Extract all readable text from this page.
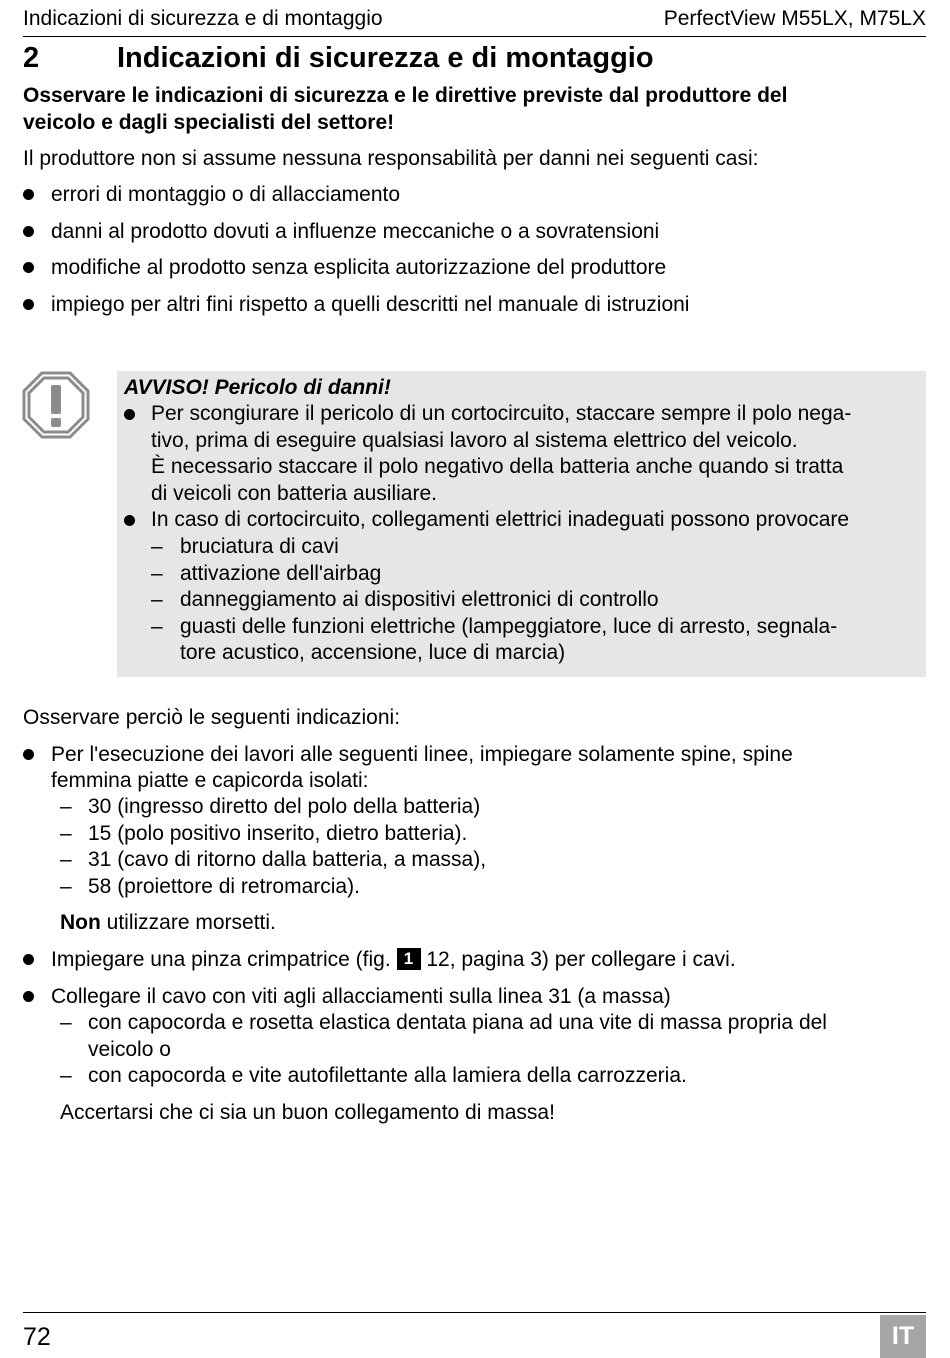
Indicazioni di sicurezza e di montaggio	PerfectView M55LX, M75LX
2	Indicazioni di sicurezza e di montaggio
Osservare le indicazioni di sicurezza e le direttive previste dal produttore del
veicolo e dagli specialisti del settore!
Il produttore non si assume nessuna responsabilità per danni nei seguenti casi:
errori di montaggio o di allacciamento
danni al prodotto dovuti a influenze meccaniche o a sovratensioni
modifiche al prodotto senza esplicita autorizzazione del produttore
impiego per altri fini rispetto a quelli descritti nel manuale di istruzioni
AVVISO! Pericolo di danni!
Per scongiurare il pericolo di un cortocircuito, staccare sempre il polo nega-
tivo, prima di eseguire qualsiasi lavoro al sistema elettrico del veicolo.
È necessario staccare il polo negativo della batteria anche quando si tratta
di veicoli con batteria ausiliare.
In caso di cortocircuito, collegamenti elettrici inadeguati possono provocare
– bruciatura di cavi
– attivazione dell'airbag
– danneggiamento ai dispositivi elettronici di controllo
– guasti delle funzioni elettriche (lampeggiatore, luce di arresto, segnala-
tore acustico, accensione, luce di marcia)
Osservare perciò le seguenti indicazioni:
Per l'esecuzione dei lavori alle seguenti linee, impiegare solamente spine, spine
femmina piatte e capicorda isolati:
– 30 (ingresso diretto del polo della batteria)
– 15 (polo positivo inserito, dietro batteria).
– 31 (cavo di ritorno dalla batteria, a massa),
– 58 (proiettore di retromarcia).
Non utilizzare morsetti.
Impiegare una pinza crimpatrice (fig. 1 12, pagina 3) per collegare i cavi.
Collegare il cavo con viti agli allacciamenti sulla linea 31 (a massa)
– con capocorda e rosetta elastica dentata piana ad una vite di massa propria del
veicolo o
– con capocorda e vite autofilettante alla lamiera della carrozzeria.
Accertarsi che ci sia un buon collegamento di massa!
72	IT
